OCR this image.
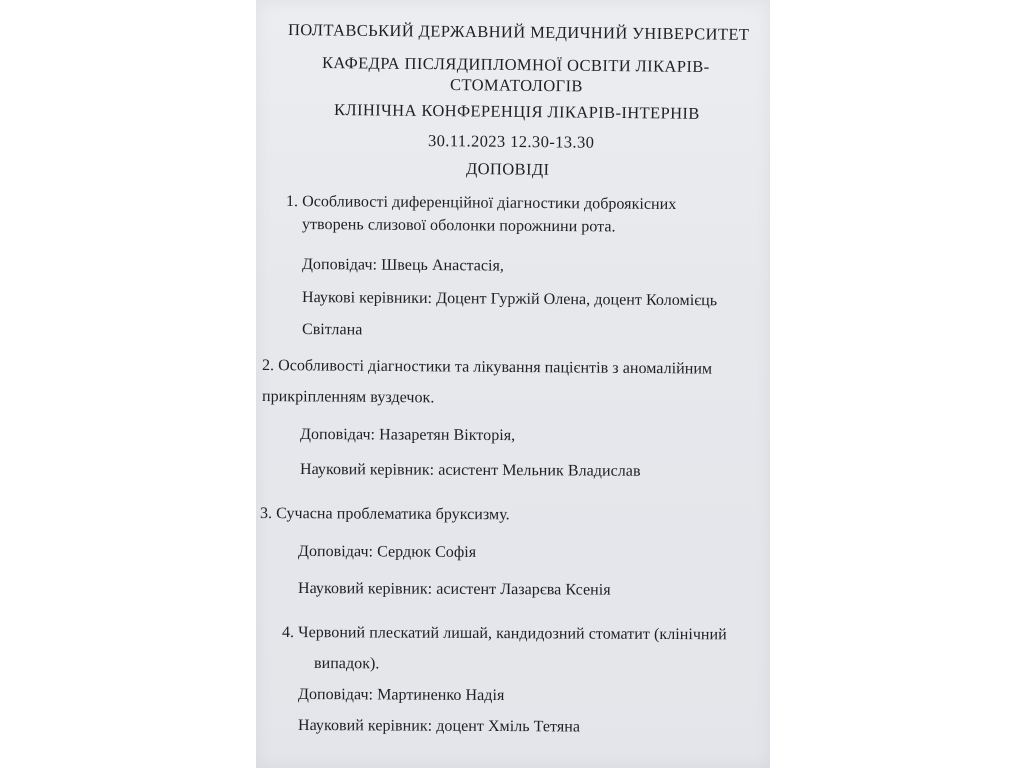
ПОЛТАВСЬКИЙ ДЕРЖАВНИЙ МЕДИЧНИЙ УНІВЕРСИТЕТ
КАФЕДРА ПІСЛЯДИПЛОМНОЇ ОСВІТИ ЛІКАРІВ-
СТОМАТОЛОГІВ
КЛІНІЧНА КОНФЕРЕНЦІЯ ЛІКАРІВ-ІНТЕРНІВ
30.11.2023 12.30-13.30
ДОПОВІДІ
1. Особливості диференційної діагностики доброякісних
утворень слизової оболонки порожнини рота.
Доповідач: Швець Анастасія,
Наукові керівники: Доцент Гуржій Олена, доцент Коломієць
Світлана
2. Особливості діагностики та лікування пацієнтів з аномалійним
прикріпленням вуздечок.
Доповідач: Назаретян Вікторія,
Науковий керівник: асистент Мельник Владислав
3. Сучасна проблематика бруксизму.
Доповідач: Сердюк Софія
Науковий керівник: асистент Лазарєва Ксенія
4. Червоний плескатий лишай, кандидозний стоматит (клінічний
випадок).
Доповідач: Мартиненко Надія
Науковий керівник: доцент Хміль Тетяна
